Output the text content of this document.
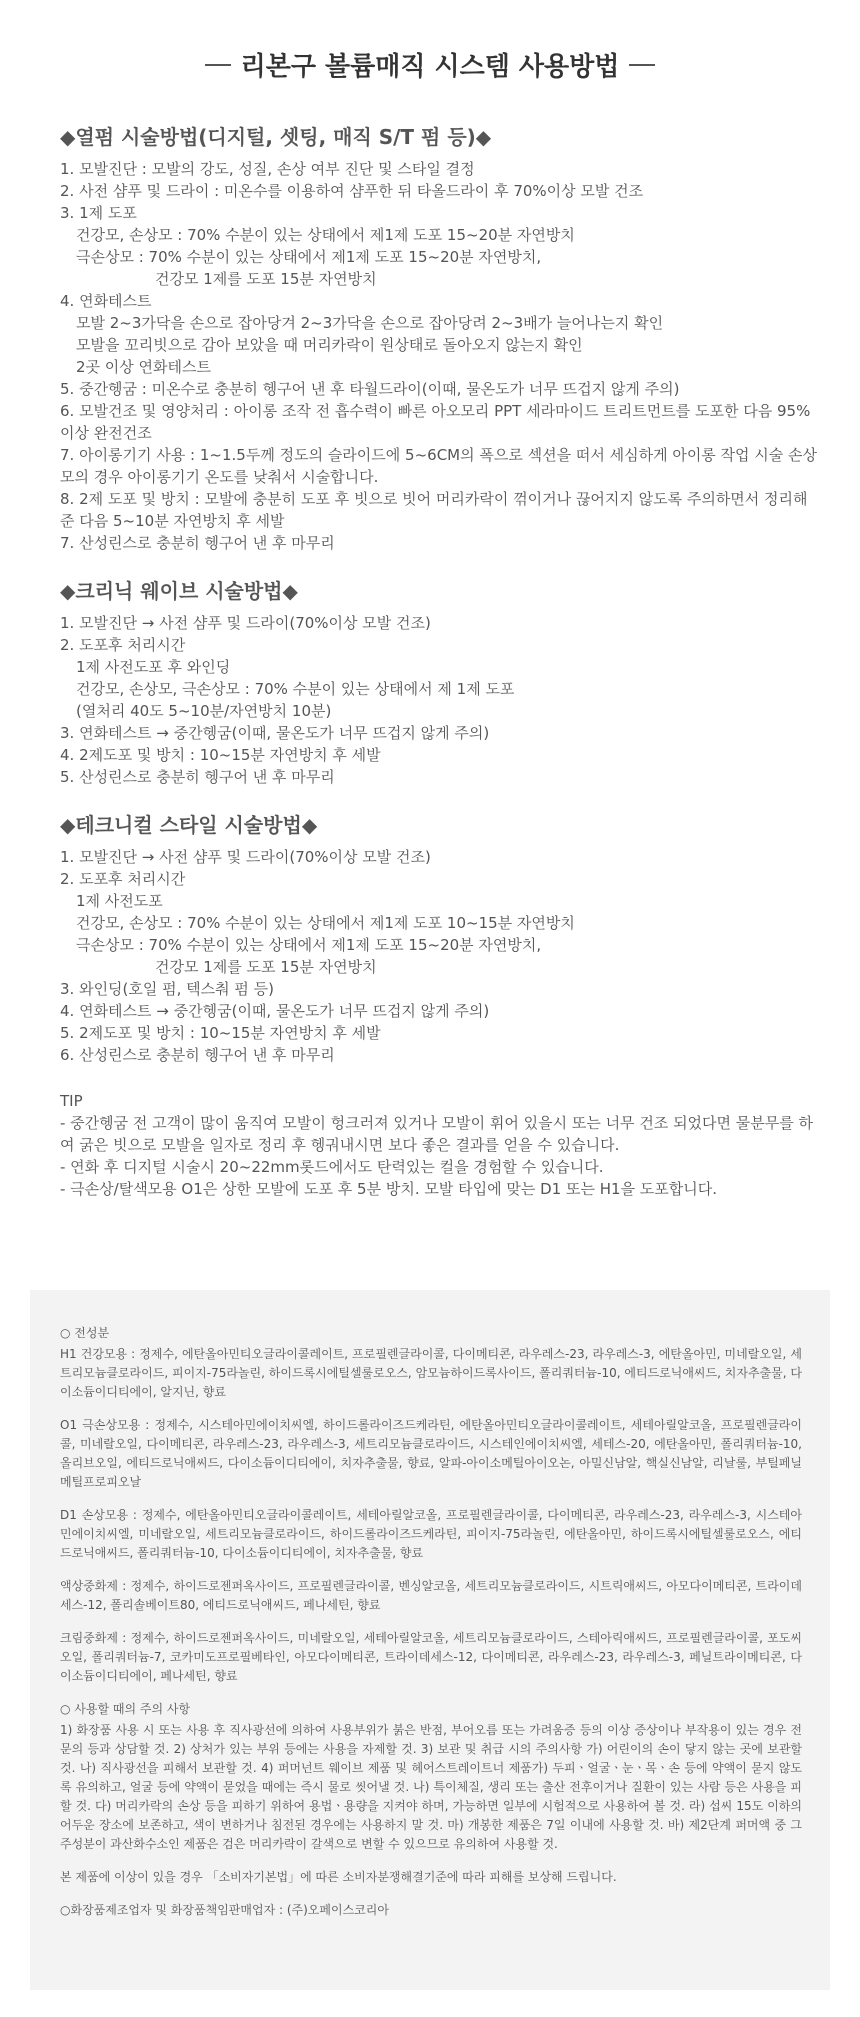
리본구 볼륨매직 시스템 사용방법

◆열펌 시술방법(디지털, 셋팅, 매직 S/T 펌 등)◆

1. 모발진단 : 모발의 강도, 성질, 손상 여부 진단 및 스타일 결정

2. 사전 샴푸 및 드라이 : 미온수를 이용하여 샴푸한 뒤 타올드라이 후 70%이상 모발 건조

3. 1제 도포

건강모, 손상모 : 70% 수분이 있는 상태에서 제1제 도포 15~20분 자연방치

극손상모 : 70% 수분이 있는 상태에서 제1제 도포 15~20분 자연방치,

건강모 1제를 도포 15분 자연방치

4. 연화테스트

모발 2~3가닥을 손으로 잡아당겨 2~3가닥을 손으로 잡아당려 2~3배가 늘어나는지 확인

모발을 꼬리빗으로 감아 보았을 때 머리카락이 원상태로 돌아오지 않는지 확인

2곳 이상 연화테스트

5. 중간헹굼 : 미온수로 충분히 헹구어 낸 후 타월드라이(이때, 물온도가 너무 뜨겁지 않게 주의)

6. 모발건조 및 영양처리 : 아이롱 조작 전 흡수력이 빠른 아오모리 PPT 세라마이드 트리트먼트를 도포한 다음 95%이상 완전건조

7. 아이롱기기 사용 : 1~1.5두께 정도의 슬라이드에 5~6CM의 폭으로 섹션을 떠서 세심하게 아이롱 작업 시술 손상모의 경우 아이롱기기 온도를 낮춰서 시술합니다.

8. 2제 도포 및 방치 : 모발에 충분히 도포 후 빗으로 빗어 머리카락이 꺾이거나 끊어지지 않도록 주의하면서 정리해 준 다음 5~10분 자연방치 후 세발

7. 산성린스로 충분히 헹구어 낸 후 마무리

◆크리닉 웨이브 시술방법◆

1. 모발진단 → 사전 샴푸 및 드라이(70%이상 모발 건조)

2. 도포후 처리시간

1제 사전도포 후 와인딩

건강모, 손상모, 극손상모 : 70% 수분이 있는 상태에서 제 1제 도포

(열처리 40도 5~10분/자연방치 10분)

3. 연화테스트 → 중간헹굼(이때, 물온도가 너무 뜨겁지 않게 주의)

4. 2제도포 및 방치 : 10~15분 자연방치 후 세발

5. 산성린스로 충분히 헹구어 낸 후 마무리

◆테크니컬 스타일 시술방법◆

1. 모발진단 → 사전 샴푸 및 드라이(70%이상 모발 건조)

2. 도포후 처리시간

1제 사전도포

건강모, 손상모 : 70% 수분이 있는 상태에서 제1제 도포 10~15분 자연방치

극손상모 : 70% 수분이 있는 상태에서 제1제 도포 15~20분 자연방치,

건강모 1제를 도포 15분 자연방치

3. 와인딩(호일 펌, 텍스춰 펌 등)

4. 연화테스트 → 중간헹굼(이때, 물온도가 너무 뜨겁지 않게 주의)

5. 2제도포 및 방치 : 10~15분 자연방치 후 세발

6. 산성린스로 충분히 헹구어 낸 후 마무리

TIP

- 중간헹굼 전 고객이 많이 움직여 모발이 헝크러져 있거나 모발이 휘어 있을시 또는 너무 건조 되었다면 물분무를 하여 굵은 빗으로 모발을 일자로 정리 후 헹궈내시면 보다 좋은 결과를 얻을 수 있습니다.

- 연화 후 디지털 시술시 20~22mm롯드에서도 탄력있는 컬을 경험할 수 있습니다.

- 극손상/탈색모용 O1은 상한 모발에 도포 후 5분 방치. 모발 타입에 맞는 D1 또는 H1을 도포합니다.

○ 전성분

H1 건강모용 : 정제수, 에탄올아민티오글라이콜레이트, 프로필렌글라이콜, 다이메티콘, 라우레스-23, 라우레스-3, 에탄올아민, 미네랄오일, 세트리모늄클로라이드, 피이지-75라놀린, 하이드록시에틸셀룰로오스, 암모늄하이드록사이드, 폴리쿼터늄-10, 에티드로닉애씨드, 치자추출물, 다이소듐이디티에이, 알지닌, 향료

O1 극손상모용 : 정제수, 시스테아민에이치씨엘, 하이드롤라이즈드케라틴, 에탄올아민티오글라이콜레이트, 세테아릴알코올, 프로필렌글라이콜, 미네랄오일, 다이메티콘, 라우레스-23, 라우레스-3, 세트리모늄클로라이드, 시스테인에이치씨엘, 세테스-20, 에탄올아민, 폴리쿼터늄-10, 올리브오일, 에티드로닉애씨드, 다이소듐이디티에이, 치자추출물, 향료, 알파-아이소메틸아이오논, 아밀신남알, 핵실신남알, 리날룰, 부틸페닐메틸프로피오날

D1 손상모용 : 정제수, 에탄올아민티오글라이콜레이트, 세테아릴알코올, 프로필렌글라이콜, 다이메티콘, 라우레스-23, 라우레스-3, 시스테아민에이치씨엘, 미네랄오일, 세트리모늄클로라이드, 하이드롤라이즈드케라틴, 피이지-75라놀린, 에탄올아민, 하이드록시에틸셀룰로오스, 에티드로닉애씨드, 폴리쿼터늄-10, 다이소듐이디티에이, 치자추출물, 향료

액상중화제 : 정제수, 하이드로젠퍼옥사이드, 프로필렌글라이콜, 벤싱알코올, 세트리모늄클로라이드, 시트릭애씨드, 아모다이메티콘, 트라이데세스-12, 폴리솔베이트80, 에티드로닉애씨드, 페나세틴, 향료

크림중화제 : 정제수, 하이드로젠퍼옥사이드, 미네랄오일, 세테아릴알코올, 세트리모늄클로라이드, 스테아릭애씨드, 프로필렌글라이콜, 포도씨오일, 폴리쿼터늄-7, 코카미도프로필베타인, 아모다이메티콘, 트라이데세스-12, 다이메티콘, 라우레스-23, 라우레스-3, 페닐트라이메티콘, 다이소듐이디티에이, 페나세틴, 향료

○ 사용할 때의 주의 사항

1) 화장품 사용 시 또는 사용 후 직사광선에 의하여 사용부위가 붉은 반점, 부어오름 또는 가려움증 등의 이상 증상이나 부작용이 있는 경우 전문의 등과 상담할 것. 2) 상처가 있는 부위 등에는 사용을 자제할 것. 3) 보관 및 취급 시의 주의사항 가) 어린이의 손이 닿지 않는 곳에 보관할 것. 나) 직사광선을 피해서 보관할 것. 4) 퍼머넌트 웨이브 제품 및 헤어스트레이트너 제품가) 두피ㆍ얼굴ㆍ눈ㆍ목ㆍ손 등에 약액이 묻지 않도록 유의하고, 얼굴 등에 약액이 묻었을 때에는 즉시 물로 씻어낼 것. 나) 특이체질, 생리 또는 출산 전후이거나 질환이 있는 사람 등은 사용을 피할 것. 다) 머리카락의 손상 등을 피하기 위하여 용법ㆍ용량을 지켜야 하며, 가능하면 일부에 시험적으로 사용하여 볼 것. 라) 섭씨 15도 이하의 어두운 장소에 보존하고, 색이 변하거나 침전된 경우에는 사용하지 말 것. 마) 개봉한 제품은 7일 이내에 사용할 것. 바) 제2단계 퍼머액 중 그 주성분이 과산화수소인 제품은 검은 머리카락이 갈색으로 변할 수 있으므로 유의하여 사용할 것.

본 제품에 이상이 있을 경우 「소비자기본법」에 따른 소비자분쟁해결기준에 따라 피해를 보상해 드립니다.

○화장품제조업자 및 화장품책임판매업자 : (주)오페이스코리아
